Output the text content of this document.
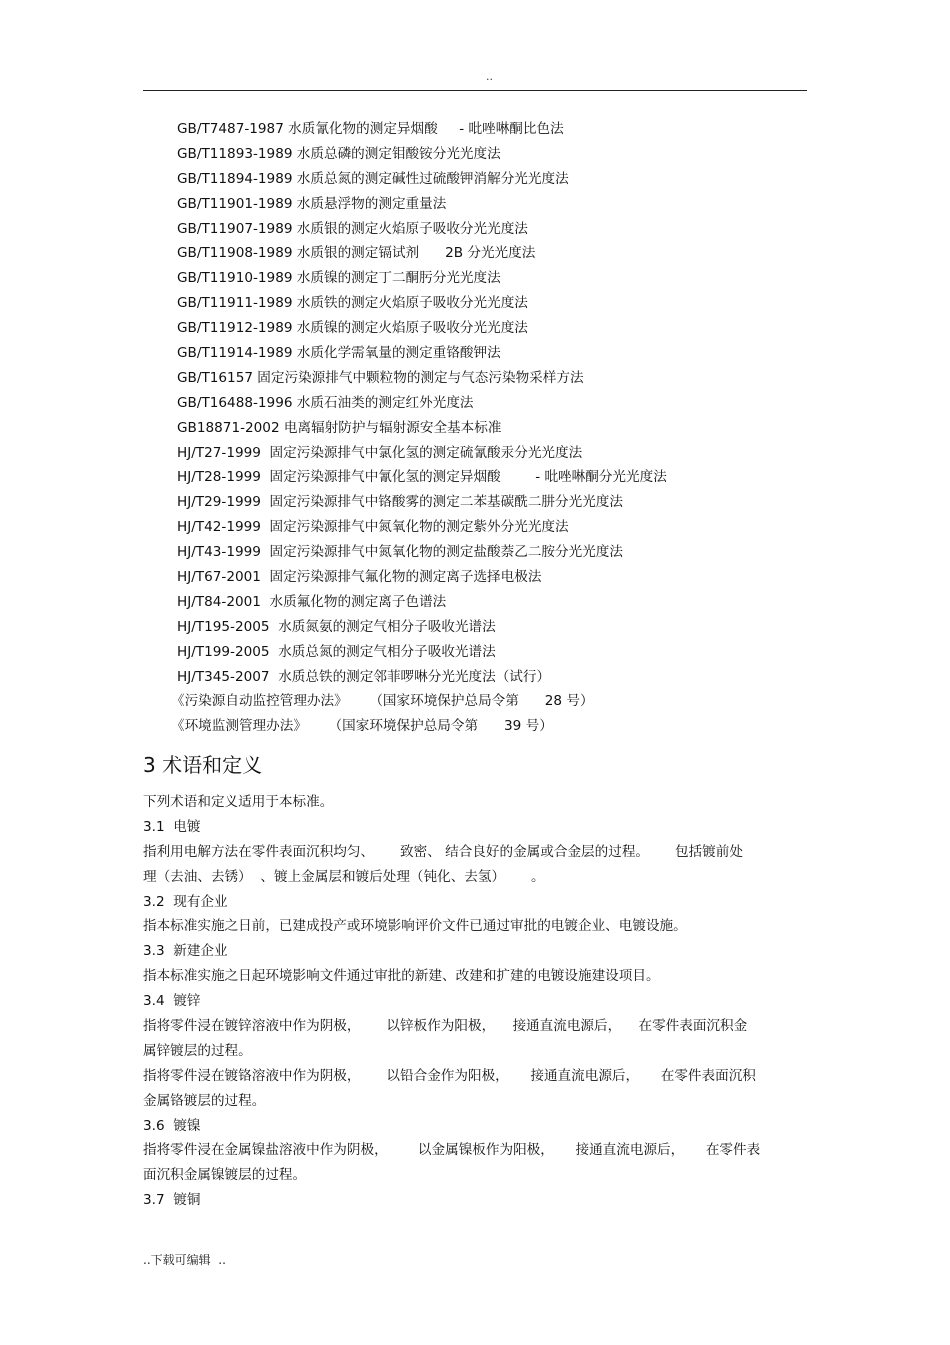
..
GB/T7487-1987 水质氰化物的测定异烟酸     - 吡唑啉酮比色法
GB/T11893-1989 水质总磷的测定钼酸铵分光光度法
GB/T11894-1989 水质总氮的测定碱性过硫酸钾消解分光光度法
GB/T11901-1989 水质悬浮物的测定重量法
GB/T11907-1989 水质银的测定火焰原子吸收分光光度法
GB/T11908-1989 水质银的测定镉试剂      2B 分光光度法
GB/T11910-1989 水质镍的测定丁二酮肟分光光度法
GB/T11911-1989 水质铁的测定火焰原子吸收分光光度法
GB/T11912-1989 水质镍的测定火焰原子吸收分光光度法
GB/T11914-1989 水质化学需氧量的测定重铬酸钾法
GB/T16157 固定污染源排气中颗粒物的测定与气态污染物采样方法
GB/T16488-1996 水质石油类的测定红外光度法
GB18871-2002 电离辐射防护与辐射源安全基本标准
HJ/T27-1999  固定污染源排气中氯化氢的测定硫氰酸汞分光光度法
HJ/T28-1999  固定污染源排气中氰化氢的测定异烟酸        - 吡唑啉酮分光光度法
HJ/T29-1999  固定污染源排气中铬酸雾的测定二苯基碳酰二肼分光光度法
HJ/T42-1999  固定污染源排气中氮氧化物的测定紫外分光光度法
HJ/T43-1999  固定污染源排气中氮氧化物的测定盐酸萘乙二胺分光光度法
HJ/T67-2001  固定污染源排气氟化物的测定离子选择电极法
HJ/T84-2001  水质氟化物的测定离子色谱法
HJ/T195-2005  水质氮氨的测定气相分子吸收光谱法
HJ/T199-2005  水质总氮的测定气相分子吸收光谱法
HJ/T345-2007  水质总铁的测定邻菲啰啉分光光度法（试行）
《污染源自动监控管理办法》     （国家环境保护总局令第      28 号）
《环境监测管理办法》     （国家环境保护总局令第      39 号）
3 术语和定义
下列术语和定义适用于本标准。
3.1  电镀
指利用电解方法在零件表面沉积均匀、      致密、 结合良好的金属或合金层的过程。      包括镀前处
理（去油、去锈）  、镀上金属层和镀后处理（钝化、去氢）      。
3.2  现有企业
指本标准实施之日前，已建成投产或环境影响评价文件已通过审批的电镀企业、电镀设施。
3.3  新建企业
指本标准实施之日起环境影响文件通过审批的新建、改建和扩建的电镀设施建设项目。
3.4  镀锌
指将零件浸在镀锌溶液中作为阴极，      以锌板作为阳极，    接通直流电源后，    在零件表面沉积金
属锌镀层的过程。
指将零件浸在镀铬溶液中作为阴极，      以铅合金作为阳极，     接通直流电源后，     在零件表面沉积
金属铬镀层的过程。
3.6  镀镍
指将零件浸在金属镍盐溶液中作为阴极，       以金属镍板作为阳极，     接通直流电源后，     在零件表
面沉积金属镍镀层的过程。
3.7  镀铜
..下载可编辑  ..
